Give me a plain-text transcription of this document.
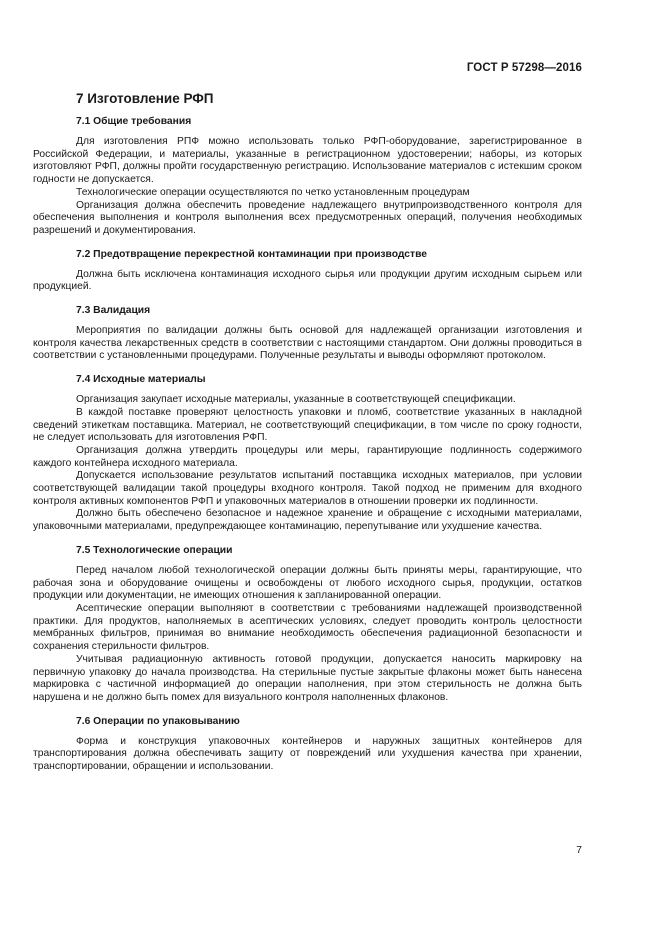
ГОСТ Р 57298—2016
7 Изготовление РФП
7.1 Общие требования

Для изготовления РПФ можно использовать только РФП-оборудование, зарегистрированное в Российской Федерации, и материалы, указанные в регистрационном удостоверении; наборы, из которых изготовляют РФП, должны пройти государственную регистрацию. Использование материалов с истекшим сроком годности не допускается.

Технологические операции осуществляются по четко установленным процедурам

Организация должна обеспечить проведение надлежащего внутрипроизводственного контроля для обеспечения выполнения и контроля выполнения всех предусмотренных операций, получения необходимых разрешений и документирования.

7.2 Предотвращение перекрестной контаминации при производстве

Должна быть исключена контаминация исходного сырья или продукции другим исходным сырьем или продукцией.

7.3 Валидация

Мероприятия по валидации должны быть основой для надлежащей организации изготовления и контроля качества лекарственных средств в соответствии с настоящими стандартом. Они должны проводиться в соответствии с установленными процедурами. Полученные результаты и выводы оформляют протоколом.

7.4 Исходные материалы

Организация закупает исходные материалы, указанные в соответствующей спецификации.

В каждой поставке проверяют целостность упаковки и пломб, соответствие указанных в накладной сведений этикеткам поставщика. Материал, не соответствующий спецификации, в том числе по сроку годности, не следует использовать для изготовления РФП.

Организация должна утвердить процедуры или меры, гарантирующие подлинность содержимого каждого контейнера исходного материала.

Допускается использование результатов испытаний поставщика исходных материалов, при условии соответствующей валидации такой процедуры входного контроля. Такой подход не применим для входного контроля активных компонентов РФП и упаковочных материалов в отношении проверки их подлинности.

Должно быть обеспечено безопасное и надежное хранение и обращение с исходными материалами, упаковочными материалами, предупреждающее контаминацию, перепутывание или ухудшение качества.

7.5 Технологические операции

Перед началом любой технологической операции должны быть приняты меры, гарантирующие, что рабочая зона и оборудование очищены и освобождены от любого исходного сырья, продукции, остатков продукции или документации, не имеющих отношения к запланированной операции.

Асептические операции выполняют в соответствии с требованиями надлежащей производственной практики. Для продуктов, наполняемых в асептических условиях, следует проводить контроль целостности мембранных фильтров, принимая во внимание необходимость обеспечения радиационной безопасности и сохранения стерильности фильтров.

Учитывая радиационную активность готовой продукции, допускается наносить маркировку на первичную упаковку до начала производства. На стерильные пустые закрытые флаконы может быть нанесена маркировка с частичной информацией до операции наполнения, при этом стерильность не должна быть нарушена и не должно быть помех для визуального контроля наполненных флаконов.

7.6 Операции по упаковыванию

Форма и конструкция упаковочных контейнеров и наружных защитных контейнеров для транспортирования должна обеспечивать защиту от повреждений или ухудшения качества при хранении, транспортировании, обращении и использовании.

7
